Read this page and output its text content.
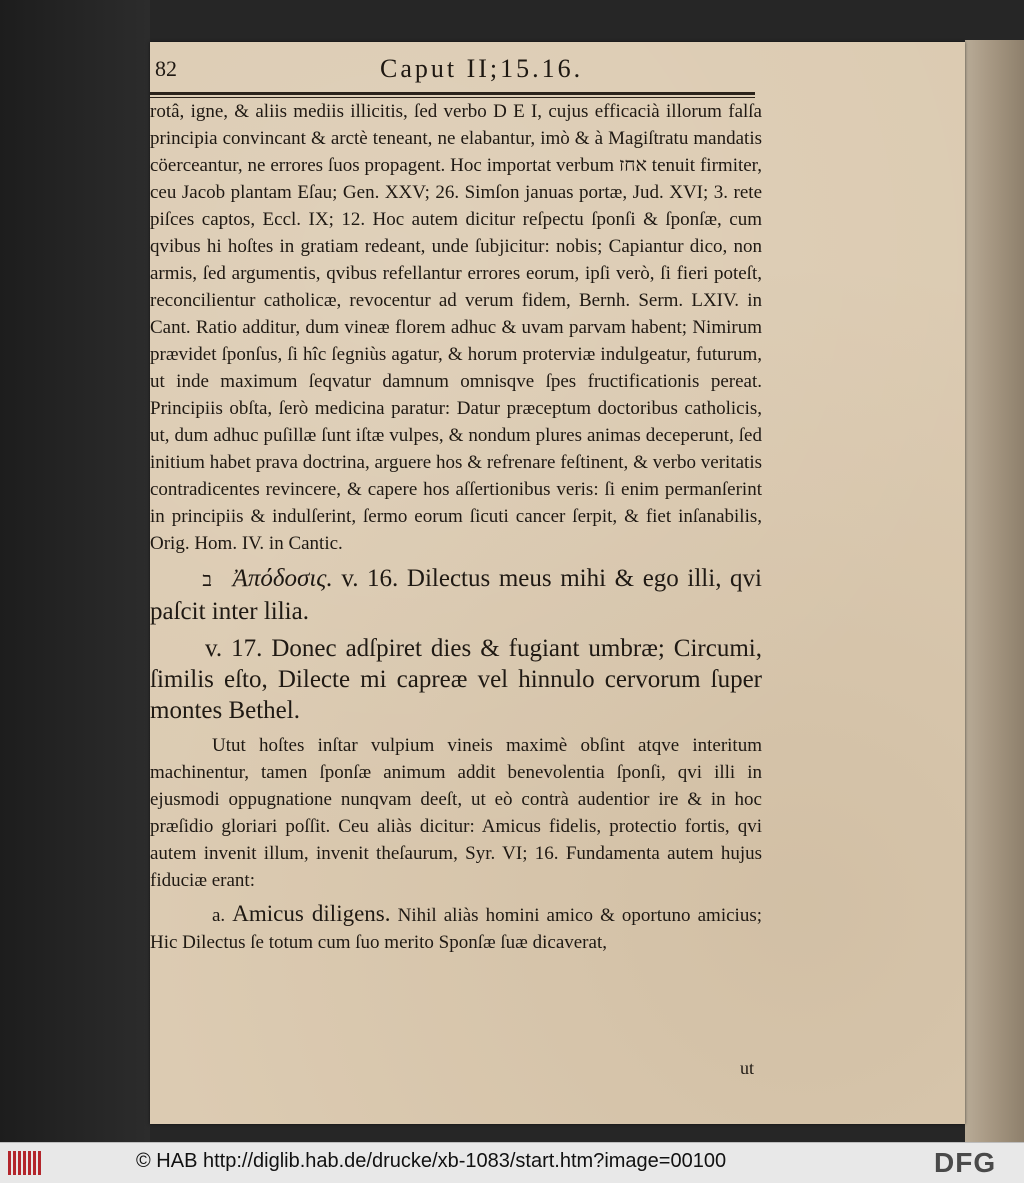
82	Caput II;15.16.

rotâ, igne, & aliis mediis illicitis, ſed verbo D E I, cujus efficacià illorum falſa principia convincant & arctè teneant, ne elabantur, imò & à Magiſtratu mandatis cöerceantur, ne errores ſuos propagent. Hoc importat verbum אחז tenuit firmiter, ceu Jacob plantam Eſau; Gen. XXV; 26. Simſon januas portæ, Jud. XVI; 3. rete piſces captos, Eccl. IX; 12. Hoc autem dicitur reſpectu ſponſi & ſponſæ, cum qvibus hi hoſtes in gratiam redeant, unde ſubjicitur: nobis; Capiantur dico, non armis, ſed argumentis, qvibus refellantur errores eorum, ipſi verò, ſi fieri poteſt, reconcilientur catholicæ, revocentur ad verum fidem, Bernh. Serm. LXIV. in Cant. Ratio additur, dum vineæ florem adhuc & uvam parvam habent; Nimirum prævidet ſponſus, ſi hîc ſegniùs agatur, & horum proterviæ indulgeatur, futurum, ut inde maximum ſeqvatur damnum omnisqve ſpes fructificationis pereat. Principiis obſta, ſerò medicina paratur: Datur præceptum doctoribus catholicis, ut, dum adhuc puſillæ ſunt iſtæ vulpes, & nondum plures animas deceperunt, ſed initium habet prava doctrina, arguere hos & refrenare feſtinent, & verbo veritatis contradicentes revincere, & capere hos aſſertionibus veris: ſi enim permanſerint in principiis & indulſerint, ſermo eorum ſicuti cancer ſerpit, & fiet inſanabilis, Orig. Hom. IV. in Cantic.

ב Ἀπόδοσις. v. 16. Dilectus meus mihi & ego illi, qvi paſcit inter lilia.

v. 17. Donec adſpiret dies & fugiant umbræ; Circumi, ſimilis eſto, Dilecte mi capreæ vel hinnulo cervorum ſuper montes Bethel.

Utut hoſtes inſtar vulpium vineis maximè obſint atqve interitum machinentur, tamen ſponſæ animum addit benevolentia ſponſi, qvi illi in ejusmodi oppugnatione nunqvam deeſt, ut eò contrà audentior ire & in hoc præſidio gloriari poſſit. Ceu aliàs dicitur: Amicus fidelis, protectio fortis, qvi autem invenit illum, invenit theſaurum, Syr. VI; 16. Fundamenta autem hujus fiduciæ erant:

a. Amicus diligens. Nihil aliàs homini amico & oportuno amicius; Hic Dilectus ſe totum cum ſuo merito Sponſæ ſuæ dicaverat,

ut
© HAB http://diglib.hab.de/drucke/xb-1083/start.htm?image=00100	DFG
